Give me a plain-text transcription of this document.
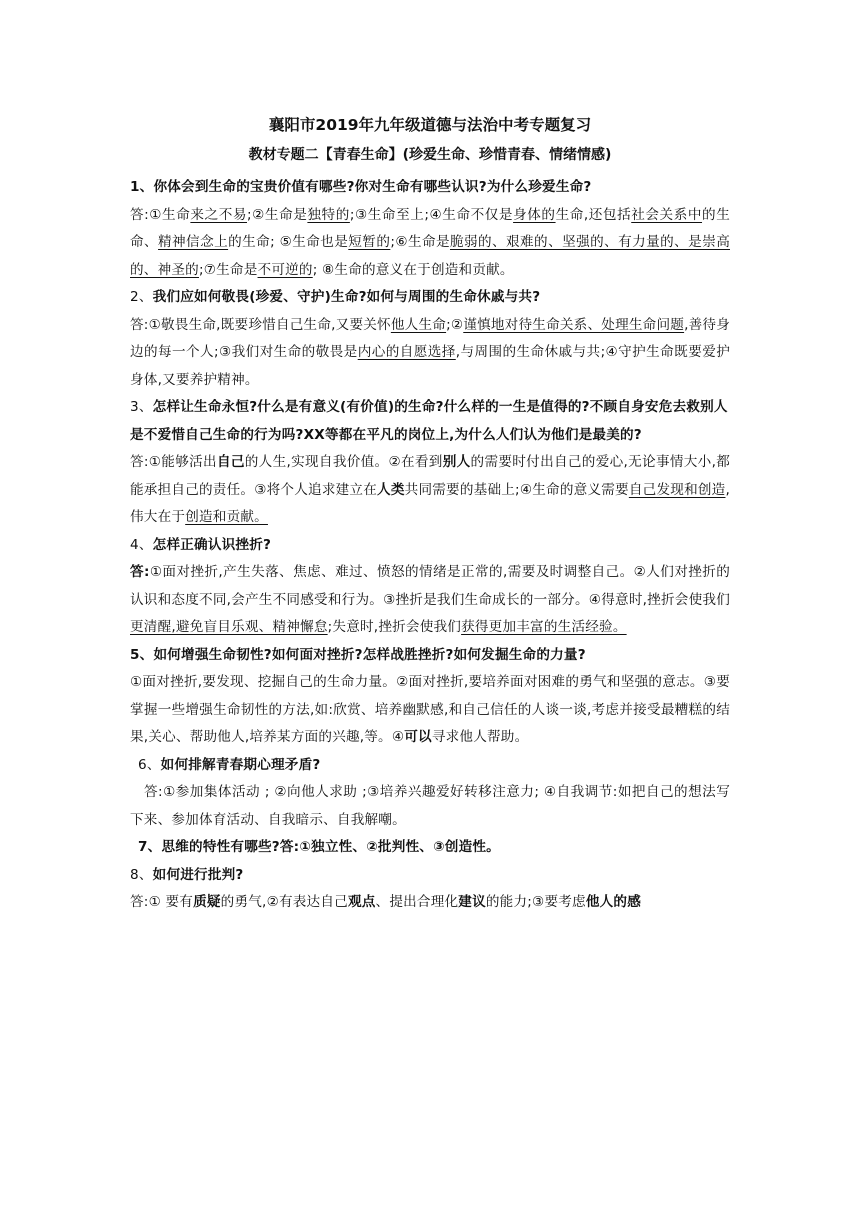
襄阳市2019年九年级道德与法治中考专题复习
教材专题二【青春生命】(珍爱生命、珍惜青春、情绪情感)

1、你体会到生命的宝贵价值有哪些?你对生命有哪些认识?为什么珍爱生命?

答:①生命来之不易;②生命是独特的;③生命至上;④生命不仅是身体的生命,还包括社会关系中的生命、精神信念上的生命; ⑤生命也是短暂的;⑥生命是脆弱的、艰难的、坚强的、有力量的、是崇高的、神圣的;⑦生命是不可逆的; ⑧生命的意义在于创造和贡献。

2、我们应如何敬畏(珍爱、守护)生命?如何与周围的生命休戚与共?

答:①敬畏生命,既要珍惜自己生命,又要关怀他人生命;②谨慎地对待生命关系、处理生命问题,善待身边的每一个人;③我们对生命的敬畏是内心的自愿选择,与周围的生命休戚与共;④守护生命既要爱护身体,又要养护精神。

3、怎样让生命永恒?什么是有意义(有价值)的生命?什么样的一生是值得的?不顾自身安危去救别人是不爱惜自己生命的行为吗?XX等都在平凡的岗位上,为什么人们认为他们是最美的?

答:①能够活出自己的人生,实现自我价值。②在看到别人的需要时付出自己的爱心,无论事情大小,都能承担自己的责任。③将个人追求建立在人类共同需要的基础上;④生命的意义需要自己发现和创造,伟大在于创造和贡献。

4、怎样正确认识挫折?

答:①面对挫折,产生失落、焦虑、难过、愤怒的情绪是正常的,需要及时调整自己。②人们对挫折的认识和态度不同,会产生不同感受和行为。③挫折是我们生命成长的一部分。④得意时,挫折会使我们更清醒,避免盲目乐观、精神懈怠;失意时,挫折会使我们获得更加丰富的生活经验。

5、如何增强生命韧性?如何面对挫折?怎样战胜挫折?如何发掘生命的力量?

①面对挫折,要发现、挖掘自己的生命力量。②面对挫折,要培养面对困难的勇气和坚强的意志。③要掌握一些增强生命韧性的方法,如:欣赏、培养幽默感,和自己信任的人谈一谈,考虑并接受最糟糕的结果,关心、帮助他人,培养某方面的兴趣,等。④可以寻求他人帮助。

6、如何排解青春期心理矛盾?

答:①参加集体活动 ; ②向他人求助 ;③培养兴趣爱好转移注意力; ④自我调节:如把自己的想法写下来、参加体育活动、自我暗示、自我解嘲。

7、思维的特性有哪些?答:①独立性、②批判性、③创造性。

8、如何进行批判?

答:① 要有质疑的勇气,②有表达自己观点、提出合理化建议的能力;③要考虑他人的感
